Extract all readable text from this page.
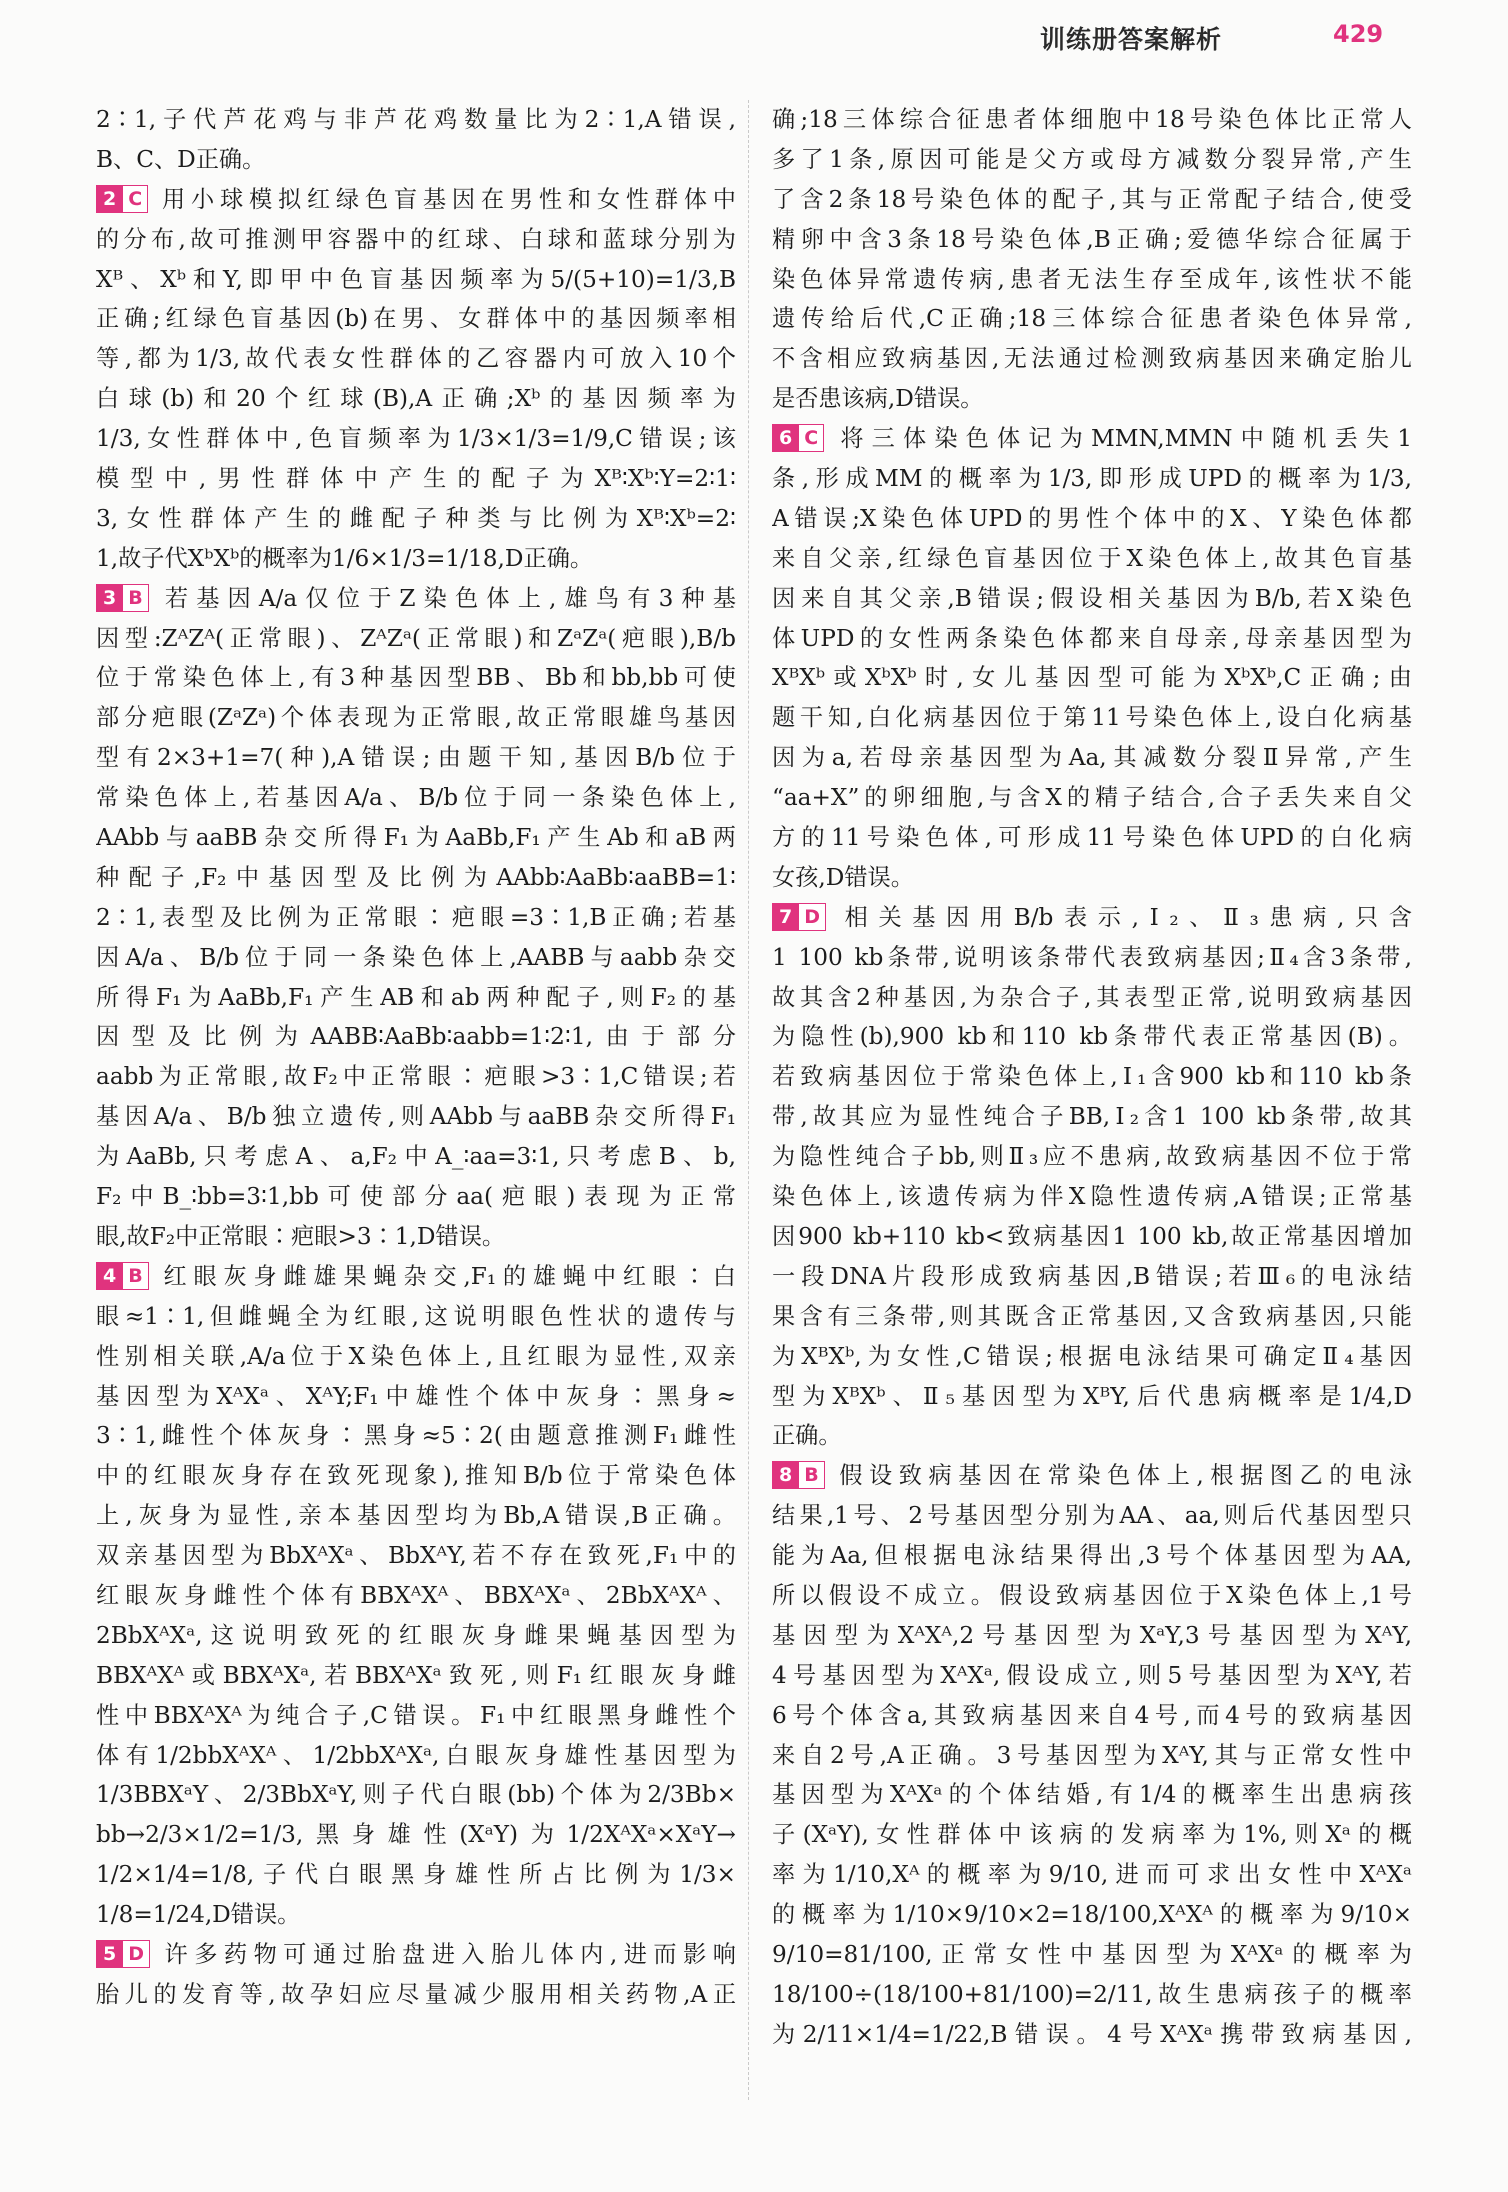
训练册答案解析	429
2∶1,子代芦花鸡与非芦花鸡数量比为2∶1,A错误,
B、C、D正确。
2 C 用小球模拟红绿色盲基因在男性和女性群体中
的分布,故可推测甲容器中的红球、白球和蓝球分别为
Xᴮ、Xᵇ和Y,即甲中色盲基因频率为5/(5+10)=1/3,B
正确;红绿色盲基因(b)在男、女群体中的基因频率相
等,都为1/3,故代表女性群体的乙容器内可放入10个
白球(b)和20个红球(B),A正确;Xᵇ的基因频率为
1/3,女性群体中,色盲频率为1/3×1/3=1/9,C错误;该
模型中,男性群体中产生的配子为Xᴮ∶Xᵇ∶Y=2∶1∶
3,女性群体产生的雌配子种类与比例为Xᴮ∶Xᵇ=2∶
1,故子代XᵇXᵇ的概率为1/6×1/3=1/18,D正确。
3 B 若基因A/a仅位于Z染色体上,雄鸟有3种基
因型:ZᴬZᴬ(正常眼)、ZᴬZᵃ(正常眼)和ZᵃZᵃ(疤眼),B/b
位于常染色体上,有3种基因型BB、Bb和bb,bb可使
部分疤眼(ZᵃZᵃ)个体表现为正常眼,故正常眼雄鸟基因
型有2×3+1=7(种),A错误;由题干知,基因B/b位于
常染色体上,若基因A/a、B/b位于同一条染色体上,
AAbb与aaBB杂交所得F₁为AaBb,F₁产生Ab和aB两
种配子,F₂中基因型及比例为AAbb∶AaBb∶aaBB=1∶
2∶1,表型及比例为正常眼∶疤眼=3∶1,B正确;若基
因A/a、B/b位于同一条染色体上,AABB与aabb杂交
所得F₁为AaBb,F₁产生AB和ab两种配子,则F₂的基
因型及比例为AABB∶AaBb∶aabb=1∶2∶1,由于部分
aabb为正常眼,故F₂中正常眼∶疤眼>3∶1,C错误;若
基因A/a、B/b独立遗传,则AAbb与aaBB杂交所得F₁
为AaBb,只考虑A、a,F₂中A_∶aa=3∶1,只考虑B、b,
F₂中B_∶bb=3∶1,bb可使部分aa(疤眼)表现为正常
眼,故F₂中正常眼∶疤眼>3∶1,D错误。
4 B 红眼灰身雌雄果蝇杂交,F₁的雄蝇中红眼∶白
眼≈1∶1,但雌蝇全为红眼,这说明眼色性状的遗传与
性别相关联,A/a位于X染色体上,且红眼为显性,双亲
基因型为XᴬXᵃ、XᴬY;F₁中雄性个体中灰身∶黑身≈
3∶1,雌性个体灰身∶黑身≈5∶2(由题意推测F₁雌性
中的红眼灰身存在致死现象),推知B/b位于常染色体
上,灰身为显性,亲本基因型均为Bb,A错误,B正确。
双亲基因型为BbXᴬXᵃ、BbXᴬY,若不存在致死,F₁中的
红眼灰身雌性个体有BBXᴬXᴬ、BBXᴬXᵃ、2BbXᴬXᴬ、
2BbXᴬXᵃ,这说明致死的红眼灰身雌果蝇基因型为
BBXᴬXᴬ或BBXᴬXᵃ,若BBXᴬXᵃ致死,则F₁红眼灰身雌
性中BBXᴬXᴬ为纯合子,C错误。F₁中红眼黑身雌性个
体有1/2bbXᴬXᴬ、1/2bbXᴬXᵃ,白眼灰身雄性基因型为
1/3BBXᵃY、2/3BbXᵃY,则子代白眼(bb)个体为2/3Bb×
bb→2/3×1/2=1/3,黑身雄性(XᵃY)为1/2XᴬXᵃ×XᵃY→
1/2×1/4=1/8,子代白眼黑身雄性所占比例为1/3×
1/8=1/24,D错误。
5 D 许多药物可通过胎盘进入胎儿体内,进而影响
胎儿的发育等,故孕妇应尽量减少服用相关药物,A正
确;18三体综合征患者体细胞中18号染色体比正常人
多了1条,原因可能是父方或母方减数分裂异常,产生
了含2条18号染色体的配子,其与正常配子结合,使受
精卵中含3条18号染色体,B正确;爱德华综合征属于
染色体异常遗传病,患者无法生存至成年,该性状不能
遗传给后代,C正确;18三体综合征患者染色体异常,
不含相应致病基因,无法通过检测致病基因来确定胎儿
是否患该病,D错误。
6 C 将三体染色体记为MMN,MMN中随机丢失1
条,形成MM的概率为1/3,即形成UPD的概率为1/3,
A错误;X染色体UPD的男性个体中的X、Y染色体都
来自父亲,红绿色盲基因位于X染色体上,故其色盲基
因来自其父亲,B错误;假设相关基因为B/b,若X染色
体UPD的女性两条染色体都来自母亲,母亲基因型为
XᴮXᵇ或XᵇXᵇ时,女儿基因型可能为XᵇXᵇ,C正确;由
题干知,白化病基因位于第11号染色体上,设白化病基
因为a,若母亲基因型为Aa,其减数分裂Ⅱ异常,产生
“aa+X”的卵细胞,与含X的精子结合,合子丢失来自父
方的11号染色体,可形成11号染色体UPD的白化病
女孩,D错误。
7 D 相关基因用B/b表示,Ⅰ₂、Ⅱ₃患病,只含
1 100 kb条带,说明该条带代表致病基因;Ⅱ₄含3条带,
故其含2种基因,为杂合子,其表型正常,说明致病基因
为隐性(b),900 kb和110 kb条带代表正常基因(B)。
若致病基因位于常染色体上,Ⅰ₁含900 kb和110 kb条
带,故其应为显性纯合子BB,Ⅰ₂含1 100 kb条带,故其
为隐性纯合子bb,则Ⅱ₃应不患病,故致病基因不位于常
染色体上,该遗传病为伴X隐性遗传病,A错误;正常基
因900 kb+110 kb<致病基因1 100 kb,故正常基因增加
一段DNA片段形成致病基因,B错误;若Ⅲ₆的电泳结
果含有三条带,则其既含正常基因,又含致病基因,只能
为XᴮXᵇ,为女性,C错误;根据电泳结果可确定Ⅱ₄基因
型为XᴮXᵇ、Ⅱ₅基因型为XᴮY,后代患病概率是1/4,D
正确。
8 B 假设致病基因在常染色体上,根据图乙的电泳
结果,1号、2号基因型分别为AA、aa,则后代基因型只
能为Aa,但根据电泳结果得出,3号个体基因型为AA,
所以假设不成立。假设致病基因位于X染色体上,1号
基因型为XᴬXᴬ,2号基因型为XᵃY,3号基因型为XᴬY,
4号基因型为XᴬXᵃ,假设成立,则5号基因型为XᴬY,若
6号个体含a,其致病基因来自4号,而4号的致病基因
来自2号,A正确。3号基因型为XᴬY,其与正常女性中
基因型为XᴬXᵃ的个体结婚,有1/4的概率生出患病孩
子(XᵃY),女性群体中该病的发病率为1%,则Xᵃ的概
率为1/10,Xᴬ的概率为9/10,进而可求出女性中XᴬXᵃ
的概率为1/10×9/10×2=18/100,XᴬXᴬ的概率为9/10×
9/10=81/100,正常女性中基因型为XᴬXᵃ的概率为
18/100÷(18/100+81/100)=2/11,故生患病孩子的概率
为2/11×1/4=1/22,B错误。4号XᴬXᵃ携带致病基因,
